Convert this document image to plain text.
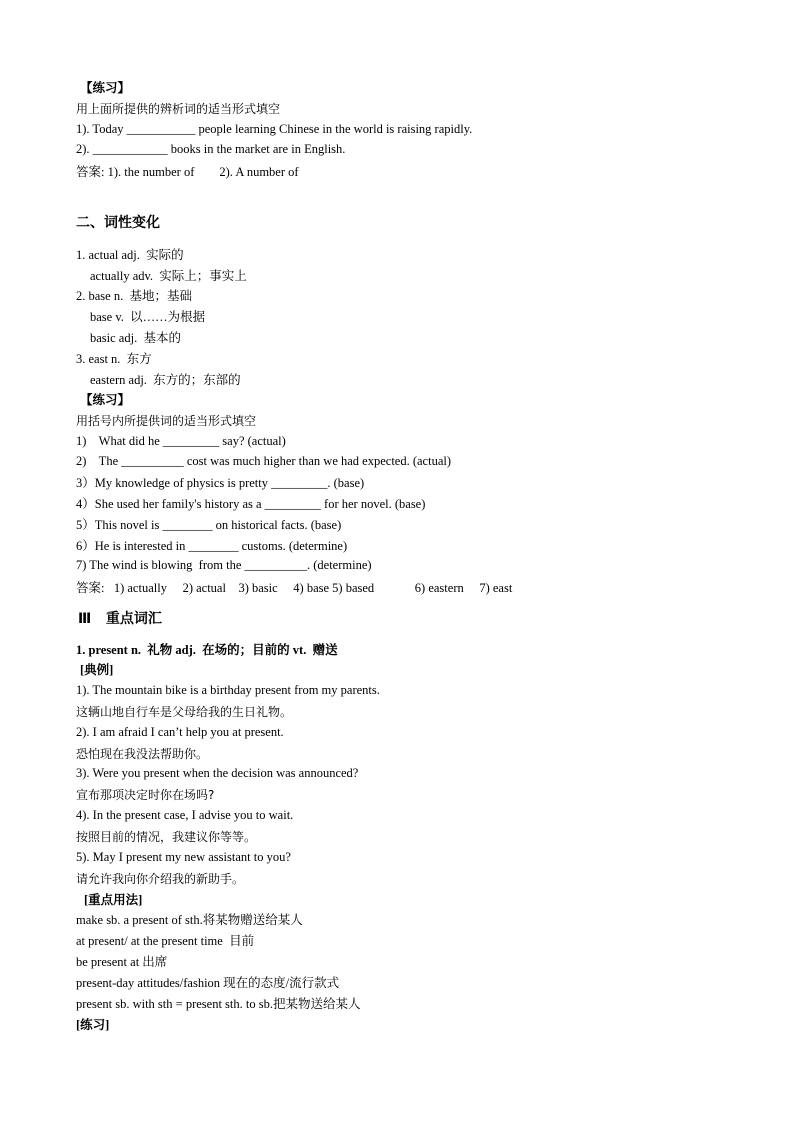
【练习】
用上面所提供的辨析词的适当形式填空
1). Today ___________ people learning Chinese in the world is raising rapidly.
2). ____________ books in the market are in English.
答案: 1). the number of        2). A number of
二、词性变化
1. actual adj.  实际的
actually adv.  实际上；事实上
2. base n.  基地；基础
base v.  以……为根据
basic adj.  基本的
3. east n.  东方
eastern adj.  东方的；东部的
【练习】
用括号内所提供词的适当形式填空
1)    What did he _________ say? (actual)
2)    The __________ cost was much higher than we had expected. (actual)
3）My knowledge of physics is pretty _________. (base)
4）She used her family's history as a _________ for her novel. (base)
5）This novel is ________ on historical facts. (base)
6）He is interested in ________ customs. (determine)
7) The wind is blowing  from the __________. (determine)
答案:   1) actually     2) actual    3) basic     4) base 5) based             6) eastern     7) east
Ⅲ   重点词汇
1. present n.  礼物 adj.  在场的；目前的 vt.  赠送
[典例]
1). The mountain bike is a birthday present from my parents.
这辆山地自行车是父母给我的生日礼物。
2). I am afraid I can’t help you at present.
恐怕现在我没法帮助你。
3). Were you present when the decision was announced?
宣布那项决定时你在场吗?
4). In the present case, I advise you to wait.
按照目前的情况，我建议你等等。
5). May I present my new assistant to you?
请允许我向你介绍我的新助手。
[重点用法]
make sb. a present of sth.将某物赠送给某人
at present/ at the present time  目前
be present at 出席
present-day attitudes/fashion 现在的态度/流行款式
present sb. with sth = present sth. to sb.把某物送给某人
[练习]
